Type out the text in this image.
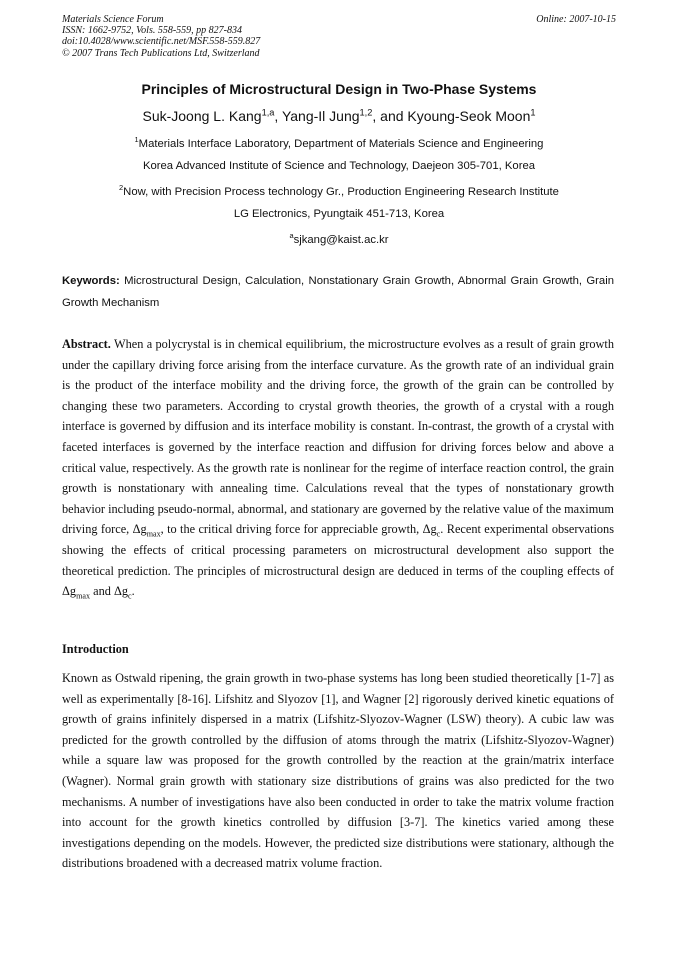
Materials Science Forum
ISSN: 1662-9752, Vols. 558-559, pp 827-834
doi:10.4028/www.scientific.net/MSF.558-559.827
© 2007 Trans Tech Publications Ltd, Switzerland
Online: 2007-10-15
Principles of Microstructural Design in Two-Phase Systems
Suk-Joong L. Kang$^{1,a}$, Yang-Il Jung$^{1,2}$, and Kyoung-Seok Moon$^1$
$^1$Materials Interface Laboratory, Department of Materials Science and Engineering
Korea Advanced Institute of Science and Technology, Daejeon 305-701, Korea
$^2$Now, with Precision Process technology Gr., Production Engineering Research Institute
LG Electronics, Pyungtaik 451-713, Korea
$^a$sjkang@kaist.ac.kr
Keywords: Microstructural Design, Calculation, Nonstationary Grain Growth, Abnormal Grain Growth, Grain Growth Mechanism
Abstract. When a polycrystal is in chemical equilibrium, the microstructure evolves as a result of grain growth under the capillary driving force arising from the interface curvature. As the growth rate of an individual grain is the product of the interface mobility and the driving force, the growth of the grain can be controlled by changing these two parameters. According to crystal growth theories, the growth of a crystal with a rough interface is governed by diffusion and its interface mobility is constant. In-contrast, the growth of a crystal with faceted interfaces is governed by the interface reaction and diffusion for driving forces below and above a critical value, respectively. As the growth rate is nonlinear for the regime of interface reaction control, the grain growth is nonstationary with annealing time. Calculations reveal that the types of nonstationary growth behavior including pseudo-normal, abnormal, and stationary are governed by the relative value of the maximum driving force, $\Delta g_{max}$, to the critical driving force for appreciable growth, $\Delta g_c$. Recent experimental observations showing the effects of critical processing parameters on microstructural development also support the theoretical prediction. The principles of microstructural design are deduced in terms of the coupling effects of $\Delta g_{max}$ and $\Delta g_c$.
Introduction
Known as Ostwald ripening, the grain growth in two-phase systems has long been studied theoretically [1-7] as well as experimentally [8-16]. Lifshitz and Slyozov [1], and Wagner [2] rigorously derived kinetic equations of growth of grains infinitely dispersed in a matrix (Lifshitz-Slyozov-Wagner (LSW) theory). A cubic law was predicted for the growth controlled by the diffusion of atoms through the matrix (Lifshitz-Slyozov-Wagner) while a square law was proposed for the growth controlled by the reaction at the grain/matrix interface (Wagner). Normal grain growth with stationary size distributions of grains was also predicted for the two mechanisms. A number of investigations have also been conducted in order to take the matrix volume fraction into account for the growth kinetics controlled by diffusion [3-7]. The kinetics varied among these investigations depending on the models. However, the predicted size distributions were stationary, although the distributions broadened with a decreased matrix volume fraction.
